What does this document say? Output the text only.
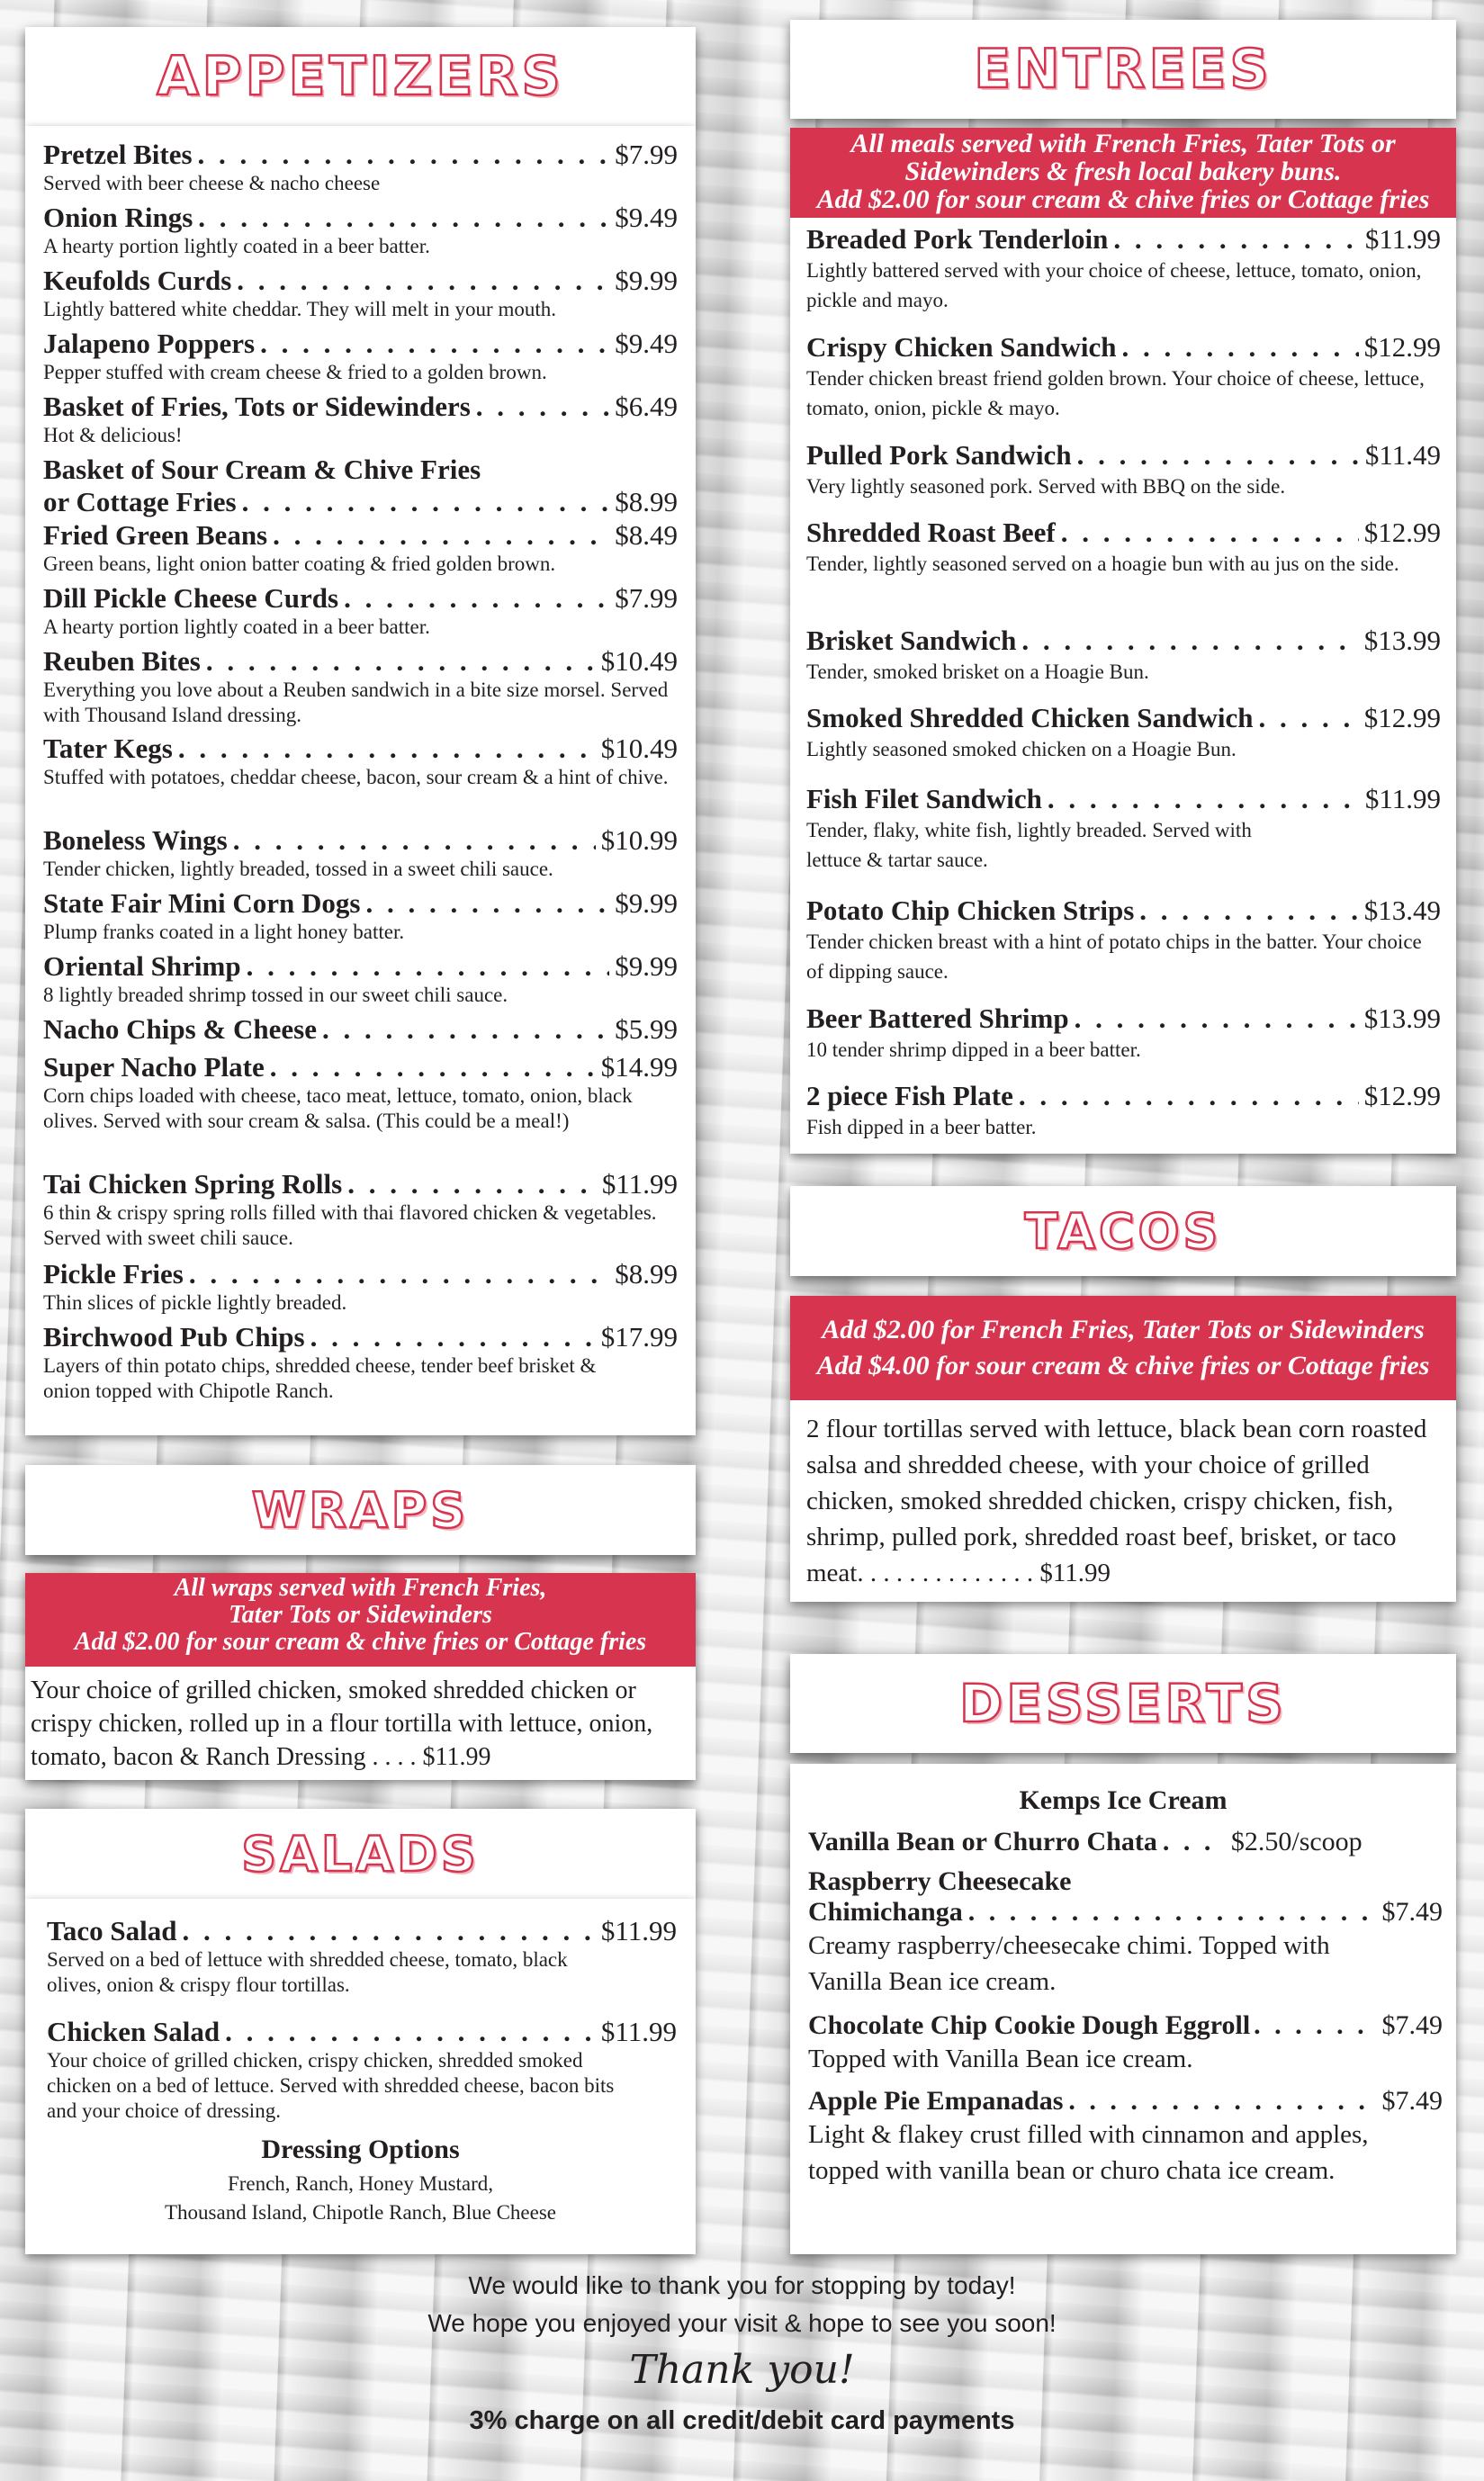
APPETIZERS
Pretzel Bites . . .	$7.99
Served with beer cheese & nacho cheese
Onion Rings . . .	$9.49
A hearty portion lightly coated in a beer batter.
Keufolds Curds . . .	$9.99
Lightly battered white cheddar. They will melt in your mouth.
Jalapeno Poppers . . .	$9.49
Pepper stuffed with cream cheese & fried to a golden brown.
Basket of Fries, Tots or Sidewinders . . .	$6.49
Hot & delicious!
Basket of Sour Cream & Chive Fries
or Cottage Fries . . .	$8.99
Fried Green Beans . . .	$8.49
Green beans, light onion batter coating & fried golden brown.
Dill Pickle Cheese Curds . . .	$7.99
A hearty portion lightly coated in a beer batter.
Reuben Bites . . .	$10.49
Everything you love about a Reuben sandwich in a bite size morsel. Served with Thousand Island dressing.
Tater Kegs . . .	$10.49
Stuffed with potatoes, cheddar cheese, bacon, sour cream & a hint of chive.
Boneless Wings . . .	$10.99
Tender chicken, lightly breaded, tossed in a sweet chili sauce.
State Fair Mini Corn Dogs . . .	$9.99
Plump franks coated in a light honey batter.
Oriental Shrimp . . .	$9.99
8 lightly breaded shrimp tossed in our sweet chili sauce.
Nacho Chips & Cheese . . .	$5.99
Super Nacho Plate . . .	$14.99
Corn chips loaded with cheese, taco meat, lettuce, tomato, onion, black olives. Served with sour cream & salsa. (This could be a meal!)
Tai Chicken Spring Rolls . . .	$11.99
6 thin & crispy spring rolls filled with thai flavored chicken & vegetables. Served with sweet chili sauce.
Pickle Fries . . .	$8.99
Thin slices of pickle lightly breaded.
Birchwood Pub Chips . . .	$17.99
Layers of thin potato chips, shredded cheese, tender beef brisket & onion topped with Chipotle Ranch.
WRAPS
All wraps served with French Fries,
Tater Tots or Sidewinders
Add $2.00 for sour cream & chive fries or Cottage fries
Your choice of grilled chicken, smoked shredded chicken or crispy chicken, rolled up in a flour tortilla with lettuce, onion, tomato, bacon & Ranch Dressing . . . . $11.99
SALADS
Taco Salad . . .	$11.99
Served on a bed of lettuce with shredded cheese, tomato, black olives, onion & crispy flour tortillas.
Chicken Salad . . .	$11.99
Your choice of grilled chicken, crispy chicken, shredded smoked chicken on a bed of lettuce. Served with shredded cheese, bacon bits and your choice of dressing.
Dressing Options
French, Ranch, Honey Mustard,
Thousand Island, Chipotle Ranch, Blue Cheese
ENTREES
All meals served with French Fries, Tater Tots or
Sidewinders & fresh local bakery buns.
Add $2.00 for sour cream & chive fries or Cottage fries
Breaded Pork Tenderloin . . .	$11.99
Lightly battered served with your choice of cheese, lettuce, tomato, onion, pickle and mayo.
Crispy Chicken Sandwich . . .	$12.99
Tender chicken breast friend golden brown. Your choice of cheese, lettuce, tomato, onion, pickle & mayo.
Pulled Pork Sandwich . . .	$11.49
Very lightly seasoned pork. Served with BBQ on the side.
Shredded Roast Beef . . .	$12.99
Tender, lightly seasoned served on a hoagie bun with au jus on the side.
Brisket Sandwich . . .	$13.99
Tender, smoked brisket on a Hoagie Bun.
Smoked Shredded Chicken Sandwich . . .	$12.99
Lightly seasoned smoked chicken on a Hoagie Bun.
Fish Filet Sandwich . . .	$11.99
Tender, flaky, white fish, lightly breaded. Served with lettuce & tartar sauce.
Potato Chip Chicken Strips . . .	$13.49
Tender chicken breast with a hint of potato chips in the batter. Your choice of dipping sauce.
Beer Battered Shrimp . . .	$13.99
10 tender shrimp dipped in a beer batter.
2 piece Fish Plate . . .	$12.99
Fish dipped in a beer batter.
TACOS
Add $2.00 for French Fries, Tater Tots or Sidewinders
Add $4.00 for sour cream & chive fries or Cottage fries
2 flour tortillas served with lettuce, black bean corn roasted salsa and shredded cheese, with your choice of grilled chicken, smoked shredded chicken, crispy chicken, fish, shrimp, pulled pork, shredded roast beef, brisket, or taco meat. . . . . . . . . . . . . . $11.99
DESSERTS
Kemps Ice Cream
Vanilla Bean or Churro Chata . . .	$2.50/scoop
Raspberry Cheesecake
Chimichanga . . .	$7.49
Creamy raspberry/cheesecake chimi. Topped with Vanilla Bean ice cream.
Chocolate Chip Cookie Dough Eggroll . . .	$7.49
Topped with Vanilla Bean ice cream.
Apple Pie Empanadas . . .	$7.49
Light & flakey crust filled with cinnamon and apples, topped with vanilla bean or churo chata ice cream.
We would like to thank you for stopping by today!
We hope you enjoyed your visit & hope to see you soon!
Thank you!
3% charge on all credit/debit card payments
